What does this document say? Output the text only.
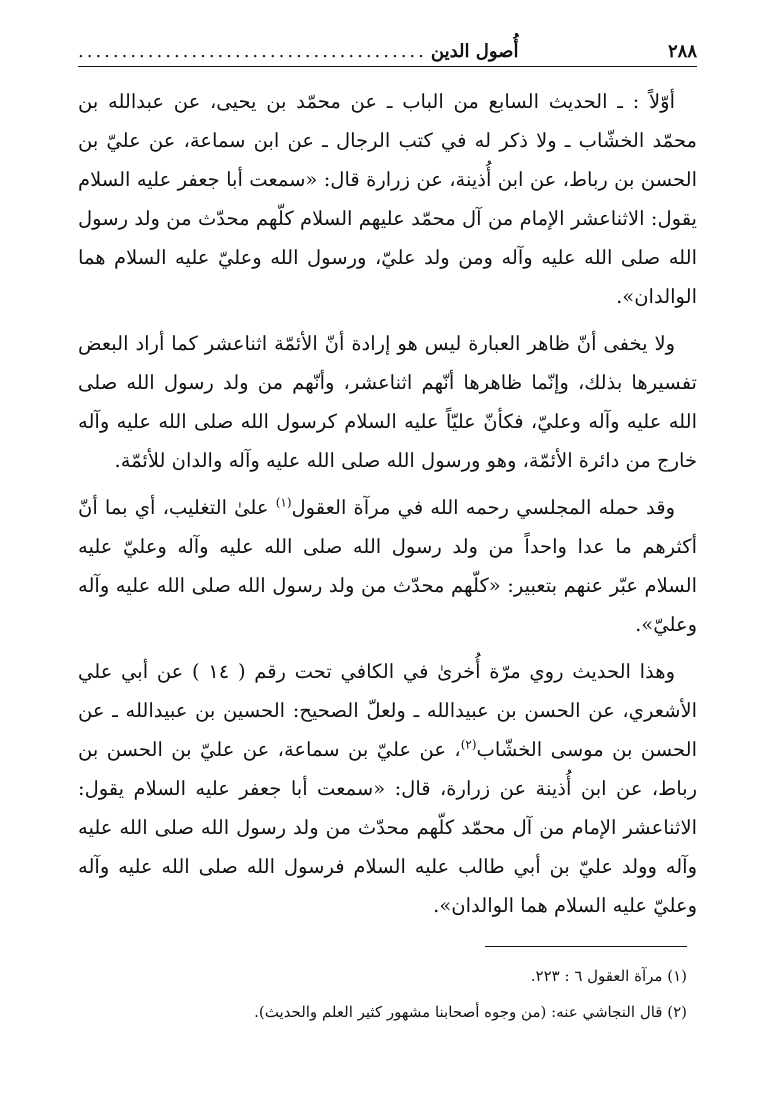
٢٨٨
أُصول الدين
........................................

أوّلاً : ـ الحديث السابع من الباب ـ عن محمّد بن يحيى، عن عبدالله بن محمّد الخشّاب ـ ولا ذكر له في كتب الرجال ـ عن ابن سماعة، عن عليّ بن الحسن بن رباط، عن ابن أُذينة، عن زرارة قال: «سمعت أبا جعفر عليه السلام يقول: الاثناعشر الإمام من آل محمّد عليهم السلام كلّهم محدّث من ولد رسول الله صلى الله عليه وآله ومن ولد عليّ، ورسول الله وعليّ عليه السلام هما الوالدان».

ولا يخفى أنّ ظاهر العبارة ليس هو إرادة أنّ الأئمّة اثناعشر كما أراد البعض تفسيرها بذلك، وإنّما ظاهرها أنّهم اثناعشر، وأنّهم من ولد رسول الله صلى الله عليه وآله وعليّ، فكأنّ عليّاً عليه السلام كرسول الله صلى الله عليه وآله خارج من دائرة الأئمّة، وهو ورسول الله صلى الله عليه وآله والدان للأئمّة.

وقد حمله المجلسي رحمه الله في مرآة العقول$^{(١)}$ علىٰ التغليب، أي بما أنّ أكثرهم ما عدا واحداً من ولد رسول الله صلى الله عليه وآله وعليّ عليه السلام عبّر عنهم بتعبير: «كلّهم محدّث من ولد رسول الله صلى الله عليه وآله وعليّ».

وهذا الحديث روي مرّة أُخرىٰ في الكافي تحت رقم ( ١٤ ) عن أبي علي الأشعري، عن الحسن بن عبيدالله ـ ولعلّ الصحيح: الحسين بن عبيدالله ـ عن الحسن بن موسى الخشّاب$^{(٢)}$، عن عليّ بن سماعة، عن عليّ بن الحسن بن رباط، عن ابن أُذينة عن زرارة، قال: «سمعت أبا جعفر عليه السلام يقول: الاثناعشر الإمام من آل محمّد كلّهم محدّث من ولد رسول الله صلى الله عليه وآله وولد عليّ بن أبي طالب عليه السلام فرسول الله صلى الله عليه وآله وعليّ عليه السلام هما الوالدان».

(١) مرآة العقول ٦ : ٢٢٣.
(٢) قال النجاشي عنه: (من وجوه أصحابنا مشهور كثير العلم والحديث).
